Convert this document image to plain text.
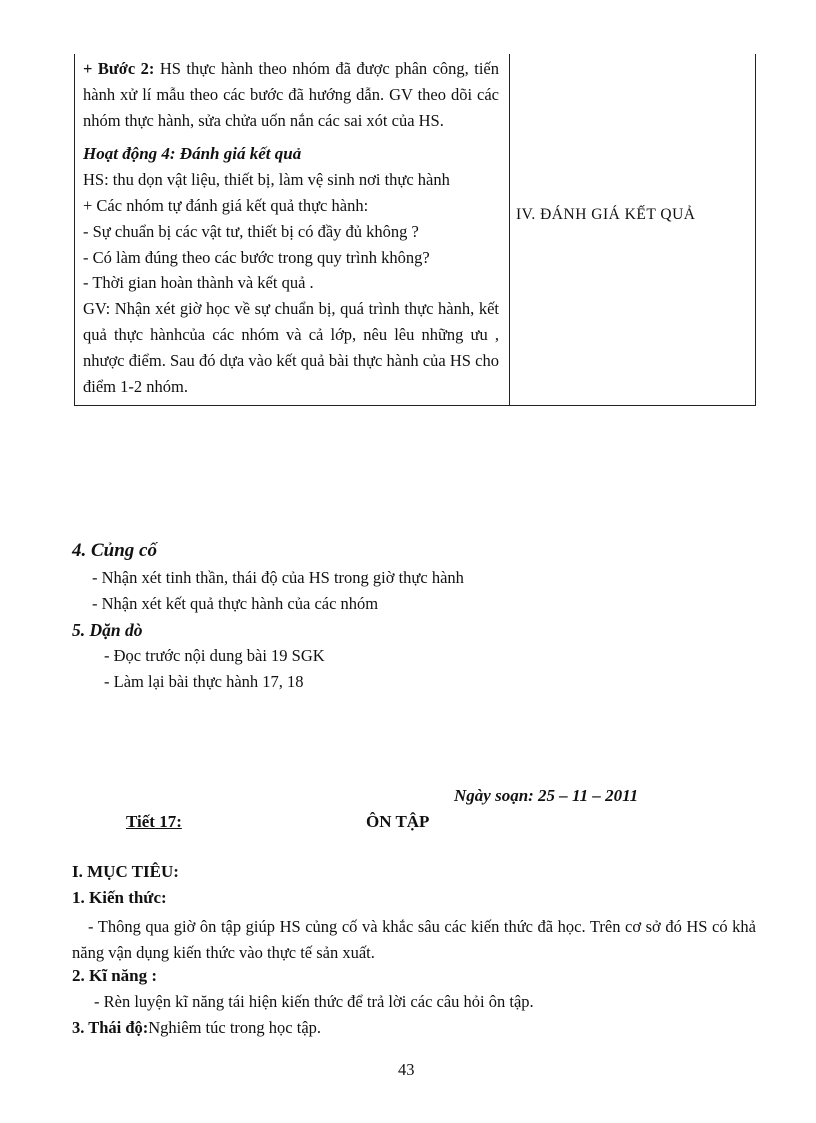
+ Bước 2: HS thực hành theo nhóm đã được phân công, tiến hành xử lí mẫu theo các bước đã hướng dẫn. GV theo dõi các nhóm thực hành, sửa chửa uốn nắn các sai xót của HS.

Hoạt động 4: Đánh giá kết quả

HS: thu dọn vật liệu, thiết bị, làm vệ sinh nơi thực hành

+ Các nhóm tự đánh giá kết quả thực hành:

- Sự chuẩn bị các vật tư, thiết bị có đầy đủ không ?

- Có làm đúng theo các bước trong quy trình không?

- Thời gian hoàn thành và kết quả .

GV: Nhận xét giờ học về sự chuẩn bị, quá trình thực hành, kết quả thực hànhcủa các nhóm và cả lớp, nêu lêu những ưu , nhược điểm. Sau đó dựa vào kết quả bài thực hành của HS cho điểm 1-2 nhóm.

	IV. ĐÁNH GIÁ KẾT QUẢ
4. Củng cố
- Nhận xét tinh thần, thái độ của HS trong giờ thực hành
- Nhận xét kết quả thực hành của các nhóm
5. Dặn dò
- Đọc trước nội dung bài 19 SGK
- Làm lại bài thực hành 17, 18
Ngày soạn: 25 – 11 – 2011
Tiết 17:	ÔN TẬP
I. MỤC TIÊU:
1. Kiến thức:
- Thông qua giờ ôn tập giúp HS củng cố và khắc sâu các kiến thức đã học. Trên cơ sở đó HS có khả năng vận dụng kiến thức vào thực tế sản xuất.
2. Kĩ năng :
- Rèn luyện kĩ năng tái hiện kiến thức để trả lời các câu hỏi ôn tập.
3. Thái độ:Nghiêm túc trong học tập.
43
